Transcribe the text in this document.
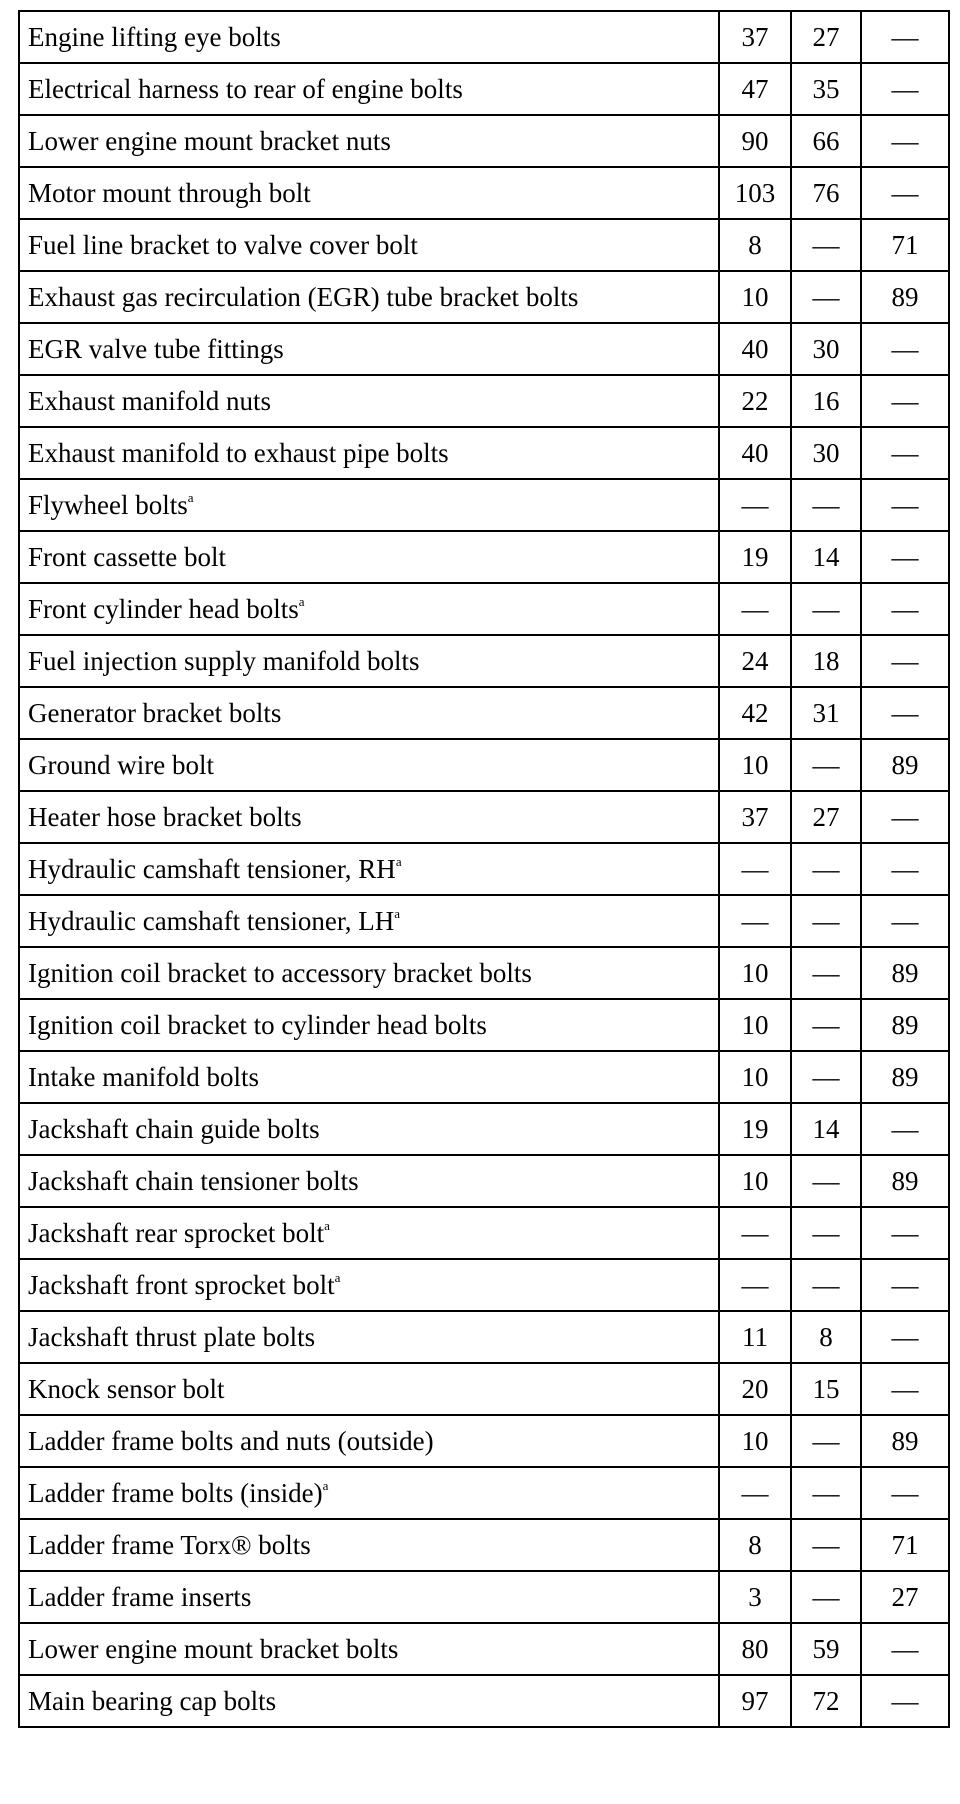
Engine lifting eye bolts	37	27	—
Electrical harness to rear of engine bolts	47	35	—
Lower engine mount bracket nuts	90	66	—
Motor mount through bolt	103	76	—
Fuel line bracket to valve cover bolt	8	—	71
Exhaust gas recirculation (EGR) tube bracket bolts	10	—	89
EGR valve tube fittings	40	30	—
Exhaust manifold nuts	22	16	—
Exhaust manifold to exhaust pipe bolts	40	30	—
Flywheel bolts$^a$	—	—	—
Front cassette bolt	19	14	—
Front cylinder head bolts$^a$	—	—	—
Fuel injection supply manifold bolts	24	18	—
Generator bracket bolts	42	31	—
Ground wire bolt	10	—	89
Heater hose bracket bolts	37	27	—
Hydraulic camshaft tensioner, $RH^a$	—	—	—
Hydraulic camshaft tensioner, $LH^a$	—	—	—
Ignition coil bracket to accessory bracket bolts	10	—	89
Ignition coil bracket to cylinder head bolts	10	—	89
Intake manifold bolts	10	—	89
Jackshaft chain guide bolts	19	14	—
Jackshaft chain tensioner bolts	10	—	89
Jackshaft rear sprocket bolt$^a$	—	—	—
Jackshaft front sprocket bolt$^a$	—	—	—
Jackshaft thrust plate bolts	11	8	—
Knock sensor bolt	20	15	—
Ladder frame bolts and nuts (outside)	10	—	89
Ladder frame bolts (inside)$^a$	—	—	—
Ladder frame Torx® bolts	8	—	71
Ladder frame inserts	3	—	27
Lower engine mount bracket bolts	80	59	—
Main bearing cap bolts	97	72	—
